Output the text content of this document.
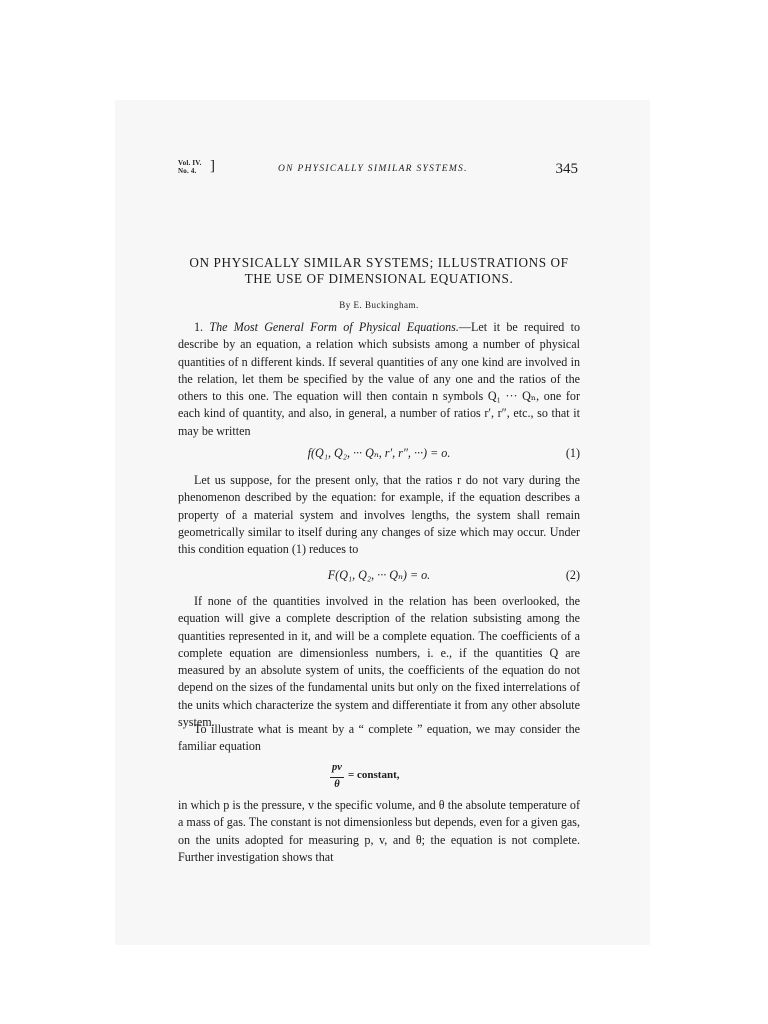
Vol. IV.
No. 4. ]	ON PHYSICALLY SIMILAR SYSTEMS.	345
ON PHYSICALLY SIMILAR SYSTEMS; ILLUSTRATIONS OF
THE USE OF DIMENSIONAL EQUATIONS.
By E. Buckingham.
1. The Most General Form of Physical Equations.—Let it be required to describe by an equation, a relation which subsists among a number of physical quantities of n different kinds. If several quantities of any one kind are involved in the relation, let them be specified by the value of any one and the ratios of the others to this one. The equation will then contain n symbols Q₁ ··· Qₙ, one for each kind of quantity, and also, in general, a number of ratios r′, r″, etc., so that it may be written
f(Q₁, Q₂, ··· Qₙ, r′, r″, ···) = o.	(1)
Let us suppose, for the present only, that the ratios r do not vary during the phenomenon described by the equation: for example, if the equation describes a property of a material system and involves lengths, the system shall remain geometrically similar to itself during any changes of size which may occur. Under this condition equation (1) reduces to
F(Q₁, Q₂, ··· Qₙ) = o.	(2)
If none of the quantities involved in the relation has been overlooked, the equation will give a complete description of the relation subsisting among the quantities represented in it, and will be a complete equation. The coefficients of a complete equation are dimensionless numbers, i. e., if the quantities Q are measured by an absolute system of units, the coefficients of the equation do not depend on the sizes of the fundamental units but only on the fixed interrelations of the units which characterize the system and differentiate it from any other absolute system.
To illustrate what is meant by a “ complete ” equation, we may consider the familiar equation
pv
θ
= constant,
in which p is the pressure, v the specific volume, and θ the absolute temperature of a mass of gas. The constant is not dimensionless but depends, even for a given gas, on the units adopted for measuring p, v, and θ; the equation is not complete. Further investigation shows that
